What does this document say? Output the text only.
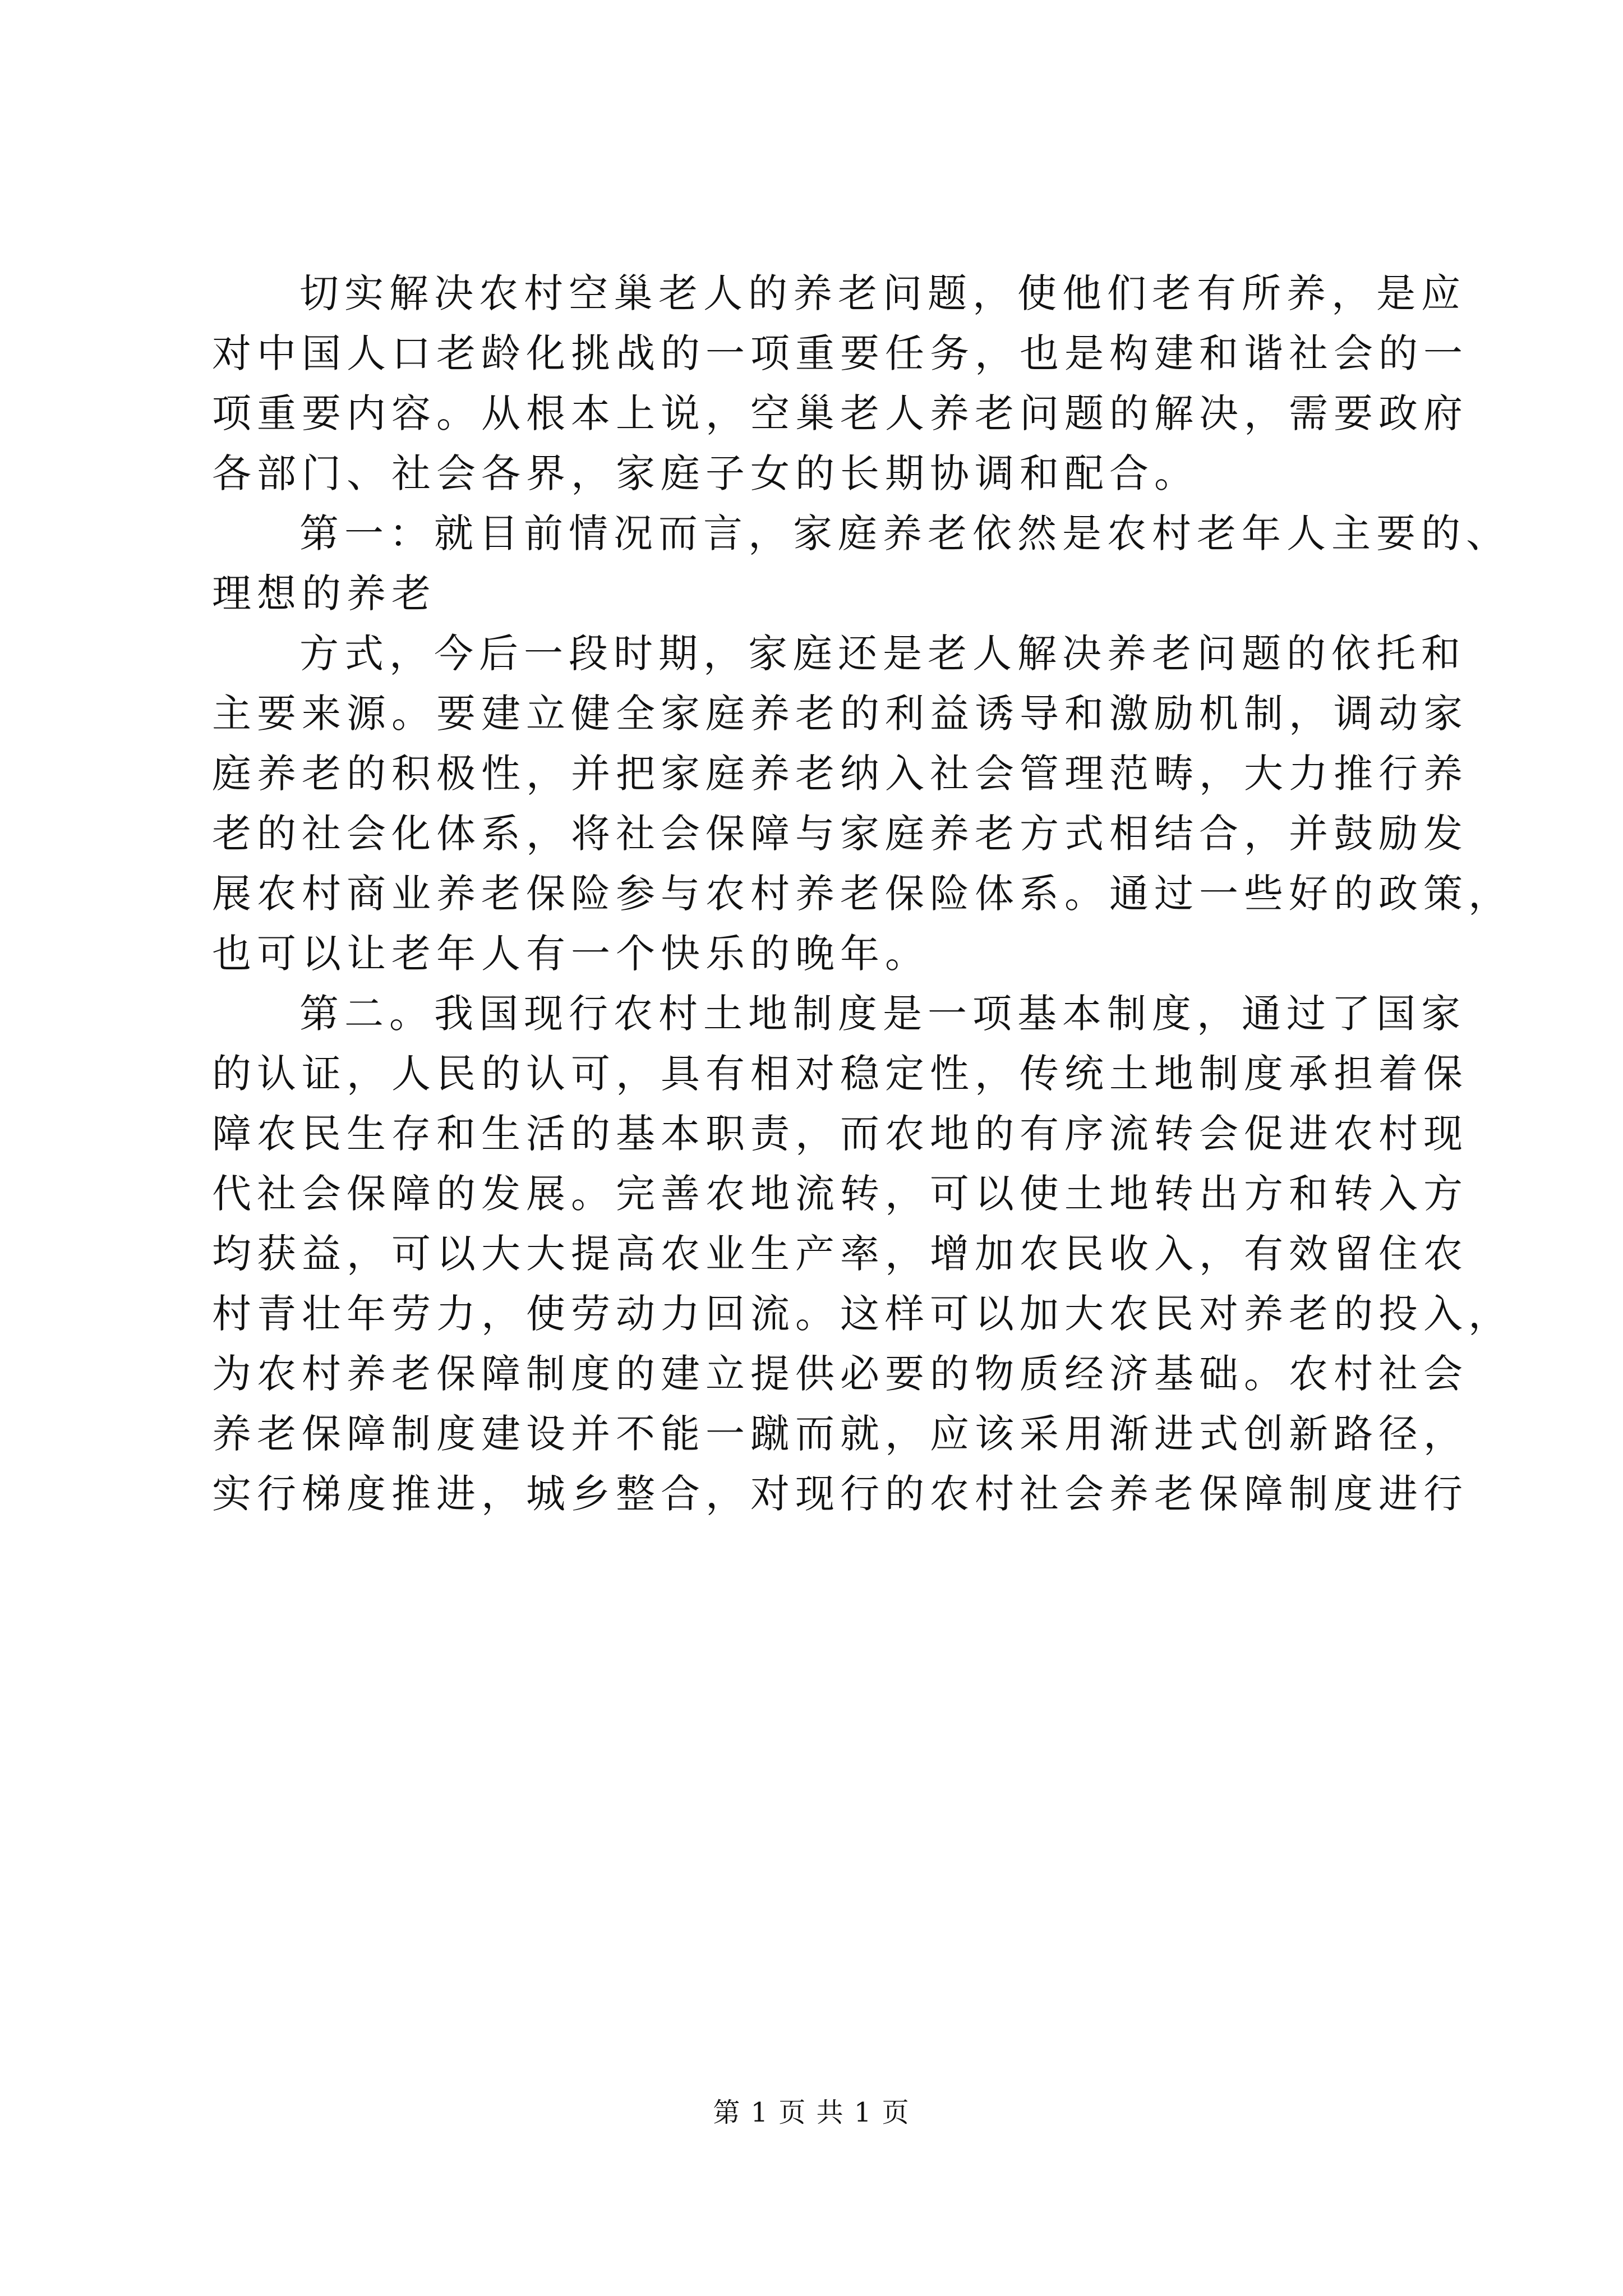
切实解决农村空巢老人的养老问题，使他们老有所养，是应
对中国人口老龄化挑战的一项重要任务，也是构建和谐社会的一
项重要内容。从根本上说，空巢老人养老问题的解决，需要政府
各部门、社会各界，家庭子女的长期协调和配合。
第一：就目前情况而言，家庭养老依然是农村老年人主要的、
理想的养老
方式，今后一段时期，家庭还是老人解决养老问题的依托和
主要来源。要建立健全家庭养老的利益诱导和激励机制，调动家
庭养老的积极性，并把家庭养老纳入社会管理范畴，大力推行养
老的社会化体系，将社会保障与家庭养老方式相结合，并鼓励发
展农村商业养老保险参与农村养老保险体系。通过一些好的政策，
也可以让老年人有一个快乐的晚年。
第二。我国现行农村土地制度是一项基本制度，通过了国家
的认证，人民的认可，具有相对稳定性，传统土地制度承担着保
障农民生存和生活的基本职责，而农地的有序流转会促进农村现
代社会保障的发展。完善农地流转，可以使土地转出方和转入方
均获益，可以大大提高农业生产率，增加农民收入，有效留住农
村青壮年劳力，使劳动力回流。这样可以加大农民对养老的投入，
为农村养老保障制度的建立提供必要的物质经济基础。农村社会
养老保障制度建设并不能一蹴而就，应该采用渐进式创新路径，
实行梯度推进，城乡整合，对现行的农村社会养老保障制度进行
第 1 页 共 1 页
